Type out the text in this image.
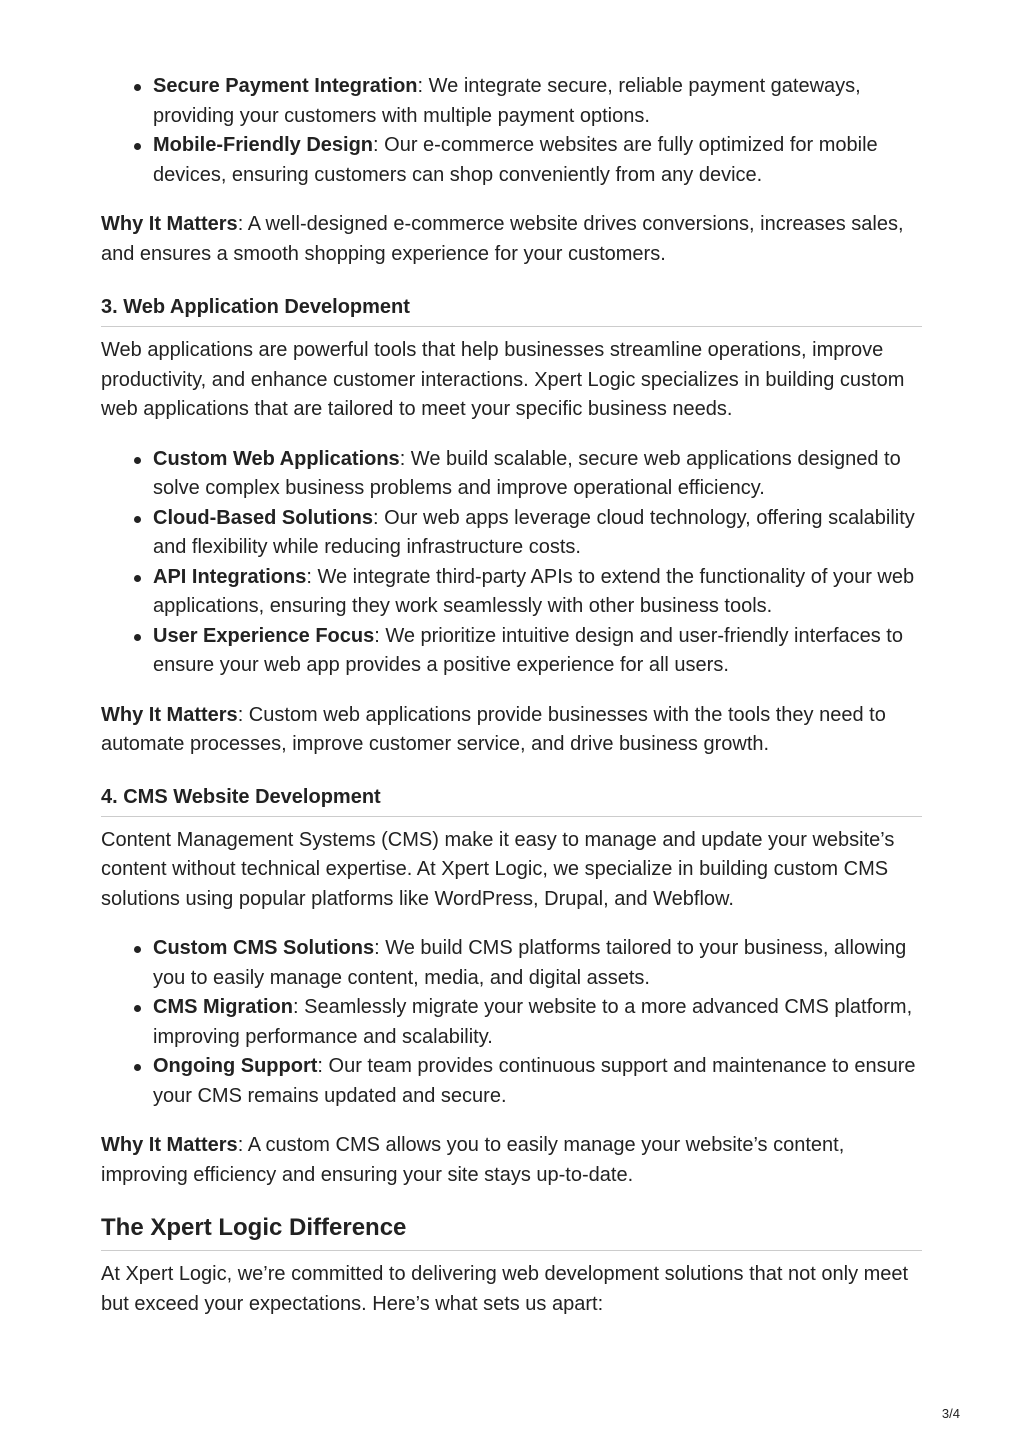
Secure Payment Integration: We integrate secure, reliable payment gateways, providing your customers with multiple payment options.
Mobile-Friendly Design: Our e-commerce websites are fully optimized for mobile devices, ensuring customers can shop conveniently from any device.

Why It Matters: A well-designed e-commerce website drives conversions, increases sales, and ensures a smooth shopping experience for your customers.

3. Web Application Development

Web applications are powerful tools that help businesses streamline operations, improve productivity, and enhance customer interactions. Xpert Logic specializes in building custom web applications that are tailored to meet your specific business needs.

Custom Web Applications: We build scalable, secure web applications designed to solve complex business problems and improve operational efficiency.
Cloud-Based Solutions: Our web apps leverage cloud technology, offering scalability and flexibility while reducing infrastructure costs.
API Integrations: We integrate third-party APIs to extend the functionality of your web applications, ensuring they work seamlessly with other business tools.
User Experience Focus: We prioritize intuitive design and user-friendly interfaces to ensure your web app provides a positive experience for all users.

Why It Matters: Custom web applications provide businesses with the tools they need to automate processes, improve customer service, and drive business growth.

4. CMS Website Development

Content Management Systems (CMS) make it easy to manage and update your website’s content without technical expertise. At Xpert Logic, we specialize in building custom CMS solutions using popular platforms like WordPress, Drupal, and Webflow.

Custom CMS Solutions: We build CMS platforms tailored to your business, allowing you to easily manage content, media, and digital assets.
CMS Migration: Seamlessly migrate your website to a more advanced CMS platform, improving performance and scalability.
Ongoing Support: Our team provides continuous support and maintenance to ensure your CMS remains updated and secure.

Why It Matters: A custom CMS allows you to easily manage your website’s content, improving efficiency and ensuring your site stays up-to-date.

The Xpert Logic Difference

At Xpert Logic, we’re committed to delivering web development solutions that not only meet but exceed your expectations. Here’s what sets us apart:

3/4
